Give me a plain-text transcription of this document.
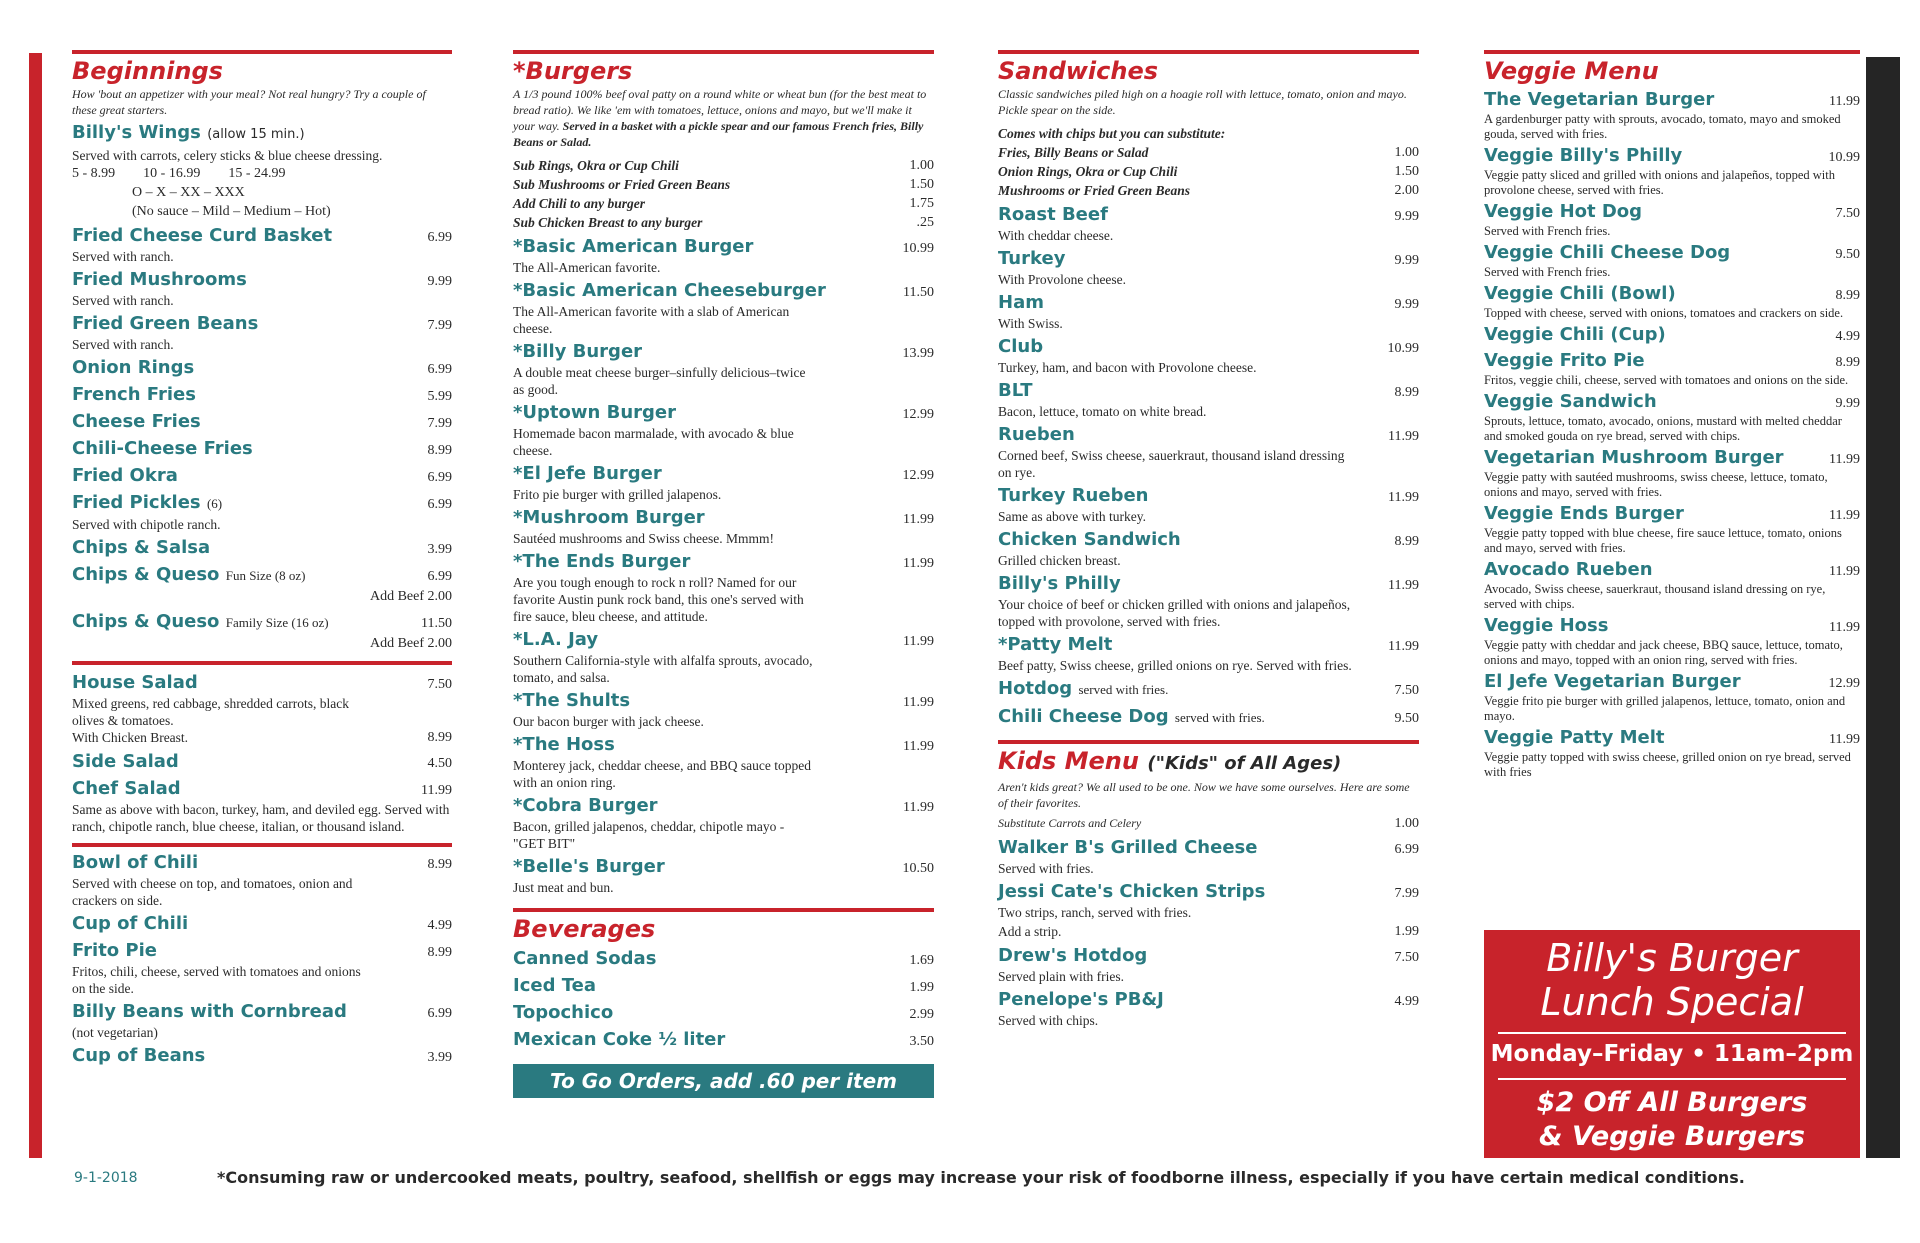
Beginnings
How 'bout an appetizer with your meal? Not real hungry? Try a couple of these great starters.
Billy's Wings (allow 15 min.)
Served with carrots, celery sticks & blue cheese dressing.
5 - 8.99 10 - 16.99 15 - 24.99
O – X – XX – XXX
(No sauce – Mild – Medium – Hot)
Fried Cheese Curd Basket	6.99
Served with ranch.
Fried Mushrooms	9.99
Served with ranch.
Fried Green Beans	7.99
Served with ranch.
Onion Rings	6.99
French Fries	5.99
Cheese Fries	7.99
Chili-Cheese Fries	8.99
Fried Okra	6.99
Fried Pickles (6)	6.99
Served with chipotle ranch.
Chips & Salsa	3.99
Chips & Queso Fun Size (8 oz)	6.99
Add Beef 2.00
Chips & Queso Family Size (16 oz)	11.50
Add Beef 2.00
House Salad	7.50
Mixed greens, red cabbage, shredded carrots, black olives & tomatoes.
With Chicken Breast.	8.99
Side Salad	4.50
Chef Salad	11.99
Same as above with bacon, turkey, ham, and deviled egg. Served with ranch, chipotle ranch, blue cheese, italian, or thousand island.
Bowl of Chili	8.99
Served with cheese on top, and tomatoes, onion and crackers on side.
Cup of Chili	4.99
Frito Pie	8.99
Fritos, chili, cheese, served with tomatoes and onions on the side.
Billy Beans with Cornbread	6.99
(not vegetarian)
Cup of Beans	3.99
*Burgers
A 1/3 pound 100% beef oval patty on a round white or wheat bun (for the best meat to bread ratio). We like 'em with tomatoes, lettuce, onions and mayo, but we'll make it your way. Served in a basket with a pickle spear and our famous French fries, Billy Beans or Salad.
Sub Rings, Okra or Cup Chili	1.00
Sub Mushrooms or Fried Green Beans	1.50
Add Chili to any burger	1.75
Sub Chicken Breast to any burger	.25
*Basic American Burger	10.99
The All-American favorite.
*Basic American Cheeseburger	11.50
The All-American favorite with a slab of American cheese.
*Billy Burger	13.99
A double meat cheese burger–sinfully delicious–twice as good.
*Uptown Burger	12.99
Homemade bacon marmalade, with avocado & blue cheese.
*El Jefe Burger	12.99
Frito pie burger with grilled jalapenos.
*Mushroom Burger	11.99
Sautéed mushrooms and Swiss cheese. Mmmm!
*The Ends Burger	11.99
Are you tough enough to rock n roll? Named for our favorite Austin punk rock band, this one's served with fire sauce, bleu cheese, and attitude.
*L.A. Jay	11.99
Southern California-style with alfalfa sprouts, avocado, tomato, and salsa.
*The Shults	11.99
Our bacon burger with jack cheese.
*The Hoss	11.99
Monterey jack, cheddar cheese, and BBQ sauce topped with an onion ring.
*Cobra Burger	11.99
Bacon, grilled jalapenos, cheddar, chipotle mayo - "GET BIT"
*Belle's Burger	10.50
Just meat and bun.
Beverages
Canned Sodas	1.69
Iced Tea	1.99
Topochico	2.99
Mexican Coke ½ liter	3.50
To Go Orders, add .60 per item
Sandwiches
Classic sandwiches piled high on a hoagie roll with lettuce, tomato, onion and mayo. Pickle spear on the side.
Comes with chips but you can substitute:
Fries, Billy Beans or Salad	1.00
Onion Rings, Okra or Cup Chili	1.50
Mushrooms or Fried Green Beans	2.00
Roast Beef	9.99
With cheddar cheese.
Turkey	9.99
With Provolone cheese.
Ham	9.99
With Swiss.
Club	10.99
Turkey, ham, and bacon with Provolone cheese.
BLT	8.99
Bacon, lettuce, tomato on white bread.
Rueben	11.99
Corned beef, Swiss cheese, sauerkraut, thousand island dressing on rye.
Turkey Rueben	11.99
Same as above with turkey.
Chicken Sandwich	8.99
Grilled chicken breast.
Billy's Philly	11.99
Your choice of beef or chicken grilled with onions and jalapeños, topped with provolone, served with fries.
*Patty Melt	11.99
Beef patty, Swiss cheese, grilled onions on rye. Served with fries.
Hotdog served with fries.	7.50
Chili Cheese Dog served with fries.	9.50
Kids Menu ("Kids" of All Ages)
Aren't kids great? We all used to be one. Now we have some ourselves. Here are some of their favorites.
Substitute Carrots and Celery	1.00
Walker B's Grilled Cheese	6.99
Served with fries.
Jessi Cate's Chicken Strips	7.99
Two strips, ranch, served with fries.
Add a strip.	1.99
Drew's Hotdog	7.50
Served plain with fries.
Penelope's PB&J	4.99
Served with chips.
Veggie Menu
The Vegetarian Burger	11.99
A gardenburger patty with sprouts, avocado, tomato, mayo and smoked gouda, served with fries.
Veggie Billy's Philly	10.99
Veggie patty sliced and grilled with onions and jalapeños, topped with provolone cheese, served with fries.
Veggie Hot Dog	7.50
Served with French fries.
Veggie Chili Cheese Dog	9.50
Served with French fries.
Veggie Chili (Bowl)	8.99
Topped with cheese, served with onions, tomatoes and crackers on side.
Veggie Chili (Cup)	4.99
Veggie Frito Pie	8.99
Fritos, veggie chili, cheese, served with tomatoes and onions on the side.
Veggie Sandwich	9.99
Sprouts, lettuce, tomato, avocado, onions, mustard with melted cheddar and smoked gouda on rye bread, served with chips.
Vegetarian Mushroom Burger	11.99
Veggie patty with sautéed mushrooms, swiss cheese, lettuce, tomato, onions and mayo, served with fries.
Veggie Ends Burger	11.99
Veggie patty topped with blue cheese, fire sauce lettuce, tomato, onions and mayo, served with fries.
Avocado Rueben	11.99
Avocado, Swiss cheese, sauerkraut, thousand island dressing on rye, served with chips.
Veggie Hoss	11.99
Veggie patty with cheddar and jack cheese, BBQ sauce, lettuce, tomato, onions and mayo, topped with an onion ring, served with fries.
El Jefe Vegetarian Burger	12.99
Veggie frito pie burger with grilled jalapenos, lettuce, tomato, onion and mayo.
Veggie Patty Melt	11.99
Veggie patty topped with swiss cheese, grilled onion on rye bread, served with fries
Billy's Burger
Lunch Special
Monday–Friday • 11am–2pm
$2 Off All Burgers
& Veggie Burgers
9-1-2018	*Consuming raw or undercooked meats, poultry, seafood, shellfish or eggs may increase your risk of foodborne illness, especially if you have certain medical conditions.
